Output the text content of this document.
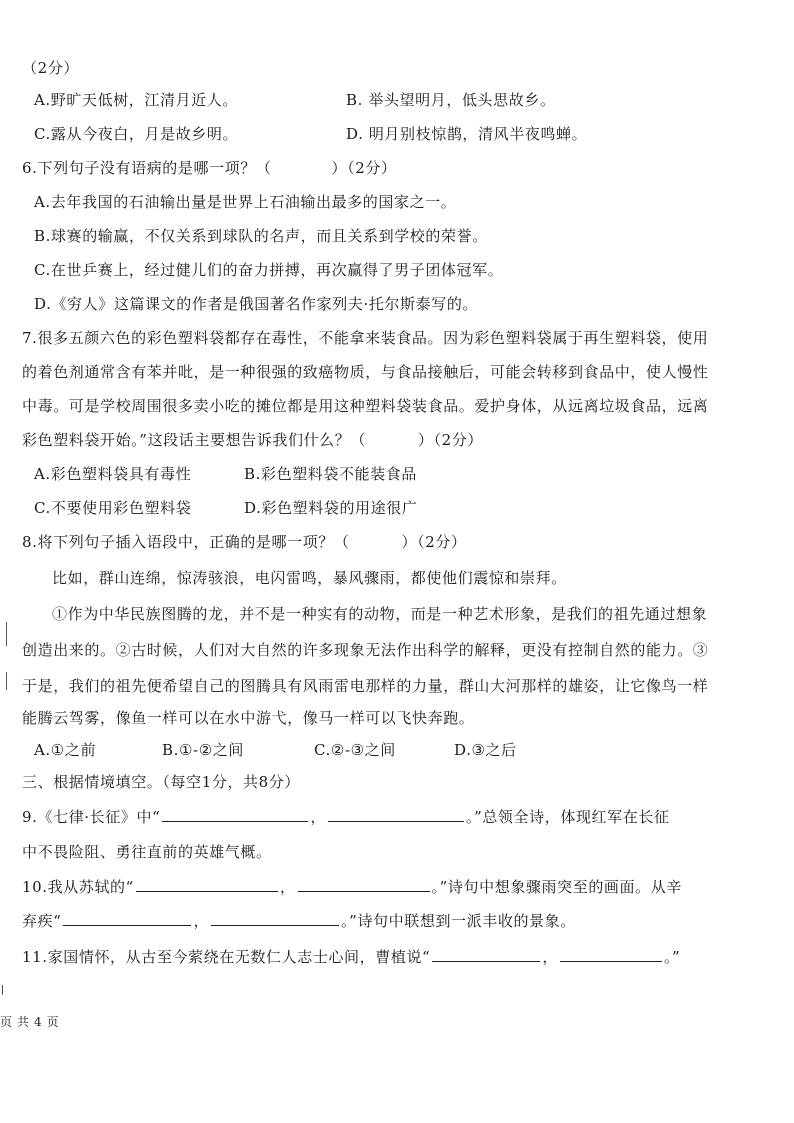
（2分）
A.野旷天低树，江清月近人。	B. 举头望明月，低头思故乡。
C.露从今夜白，月是故乡明。	D. 明月别枝惊鹊，清风半夜鸣蝉。
6.下列句子没有语病的是哪一项？（	）（2分）
A.去年我国的石油输出量是世界上石油输出最多的国家之一。
B.球赛的输赢，不仅关系到球队的名声，而且关系到学校的荣誉。
C.在世乒赛上，经过健儿们的奋力拼搏，再次赢得了男子团体冠军。
D.《穷人》这篇课文的作者是俄国著名作家列夫·托尔斯泰写的。
7.很多五颜六色的彩色塑料袋都存在毒性，不能拿来装食品。因为彩色塑料袋属于再生塑料袋，使用
的着色剂通常含有苯并吡，是一种很强的致癌物质，与食品接触后，可能会转移到食品中，使人慢性
中毒。可是学校周围很多卖小吃的摊位都是用这种塑料袋装食品。爱护身体，从远离垃圾食品，远离
彩色塑料袋开始。”这段话主要想告诉我们什么？（	）（2分）
A.彩色塑料袋具有毒性	B.彩色塑料袋不能装食品
C.不要使用彩色塑料袋	D.彩色塑料袋的用途很广
8.将下列句子插入语段中，正确的是哪一项？（	）（2分）
比如，群山连绵，惊涛骇浪，电闪雷鸣，暴风骤雨，都使他们震惊和崇拜。
①作为中华民族图腾的龙，并不是一种实有的动物，而是一种艺术形象，是我们的祖先通过想象
创造出来的。②古时候，人们对大自然的许多现象无法作出科学的解释，更没有控制自然的能力。③
于是，我们的祖先便希望自己的图腾具有风雨雷电那样的力量，群山大河那样的雄姿，让它像鸟一样
能腾云驾雾，像鱼一样可以在水中游弋，像马一样可以飞快奔跑。
A.①之前	B.①-②之间	C.②-③之间	D.③之后
三、根据情境填空。（每空1分，共8分）
9.《七律·长征》中“	，	。”总领全诗，体现红军在长征
中不畏险阻、勇往直前的英雄气概。
10.我从苏轼的“	，	。”诗句中想象骤雨突至的画面。从辛
弃疾“	，	。”诗句中联想到一派丰收的景象。
11.家国情怀，从古至今萦绕在无数仁人志士心间，曹植说“	，	。”
页 共 4 页
